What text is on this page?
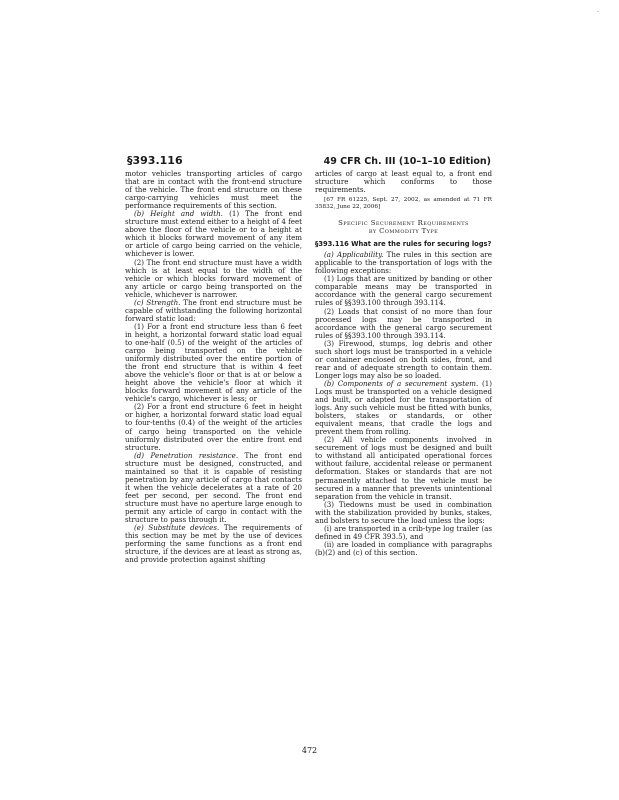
·
§393.116	49 CFR Ch. III (10–1–10 Edition)

motor vehicles transporting articles of cargo that are in contact with the front-end structure of the vehicle. The front end structure on these cargo-carrying vehicles must meet the performance requirements of this section.

(b) Height and width. (1) The front end structure must extend either to a height of 4 feet above the floor of the vehicle or to a height at which it blocks forward movement of any item or article of cargo being carried on the vehicle, whichever is lower.

(2) The front end structure must have a width which is at least equal to the width of the vehicle or which blocks forward movement of any article or cargo being transported on the vehicle, whichever is narrower.

(c) Strength. The front end structure must be capable of withstanding the following horizontal forward static load:

(1) For a front end structure less than 6 feet in height, a horizontal forward static load equal to one-half (0.5) of the weight of the articles of cargo being transported on the vehicle uniformly distributed over the entire portion of the front end structure that is within 4 feet above the vehicle's floor or that is at or below a height above the vehicle's floor at which it blocks forward movement of any article of the vehicle's cargo, whichever is less; or

(2) For a front end structure 6 feet in height or higher, a horizontal forward static load equal to four-tenths (0.4) of the weight of the articles of cargo being transported on the vehicle uniformly distributed over the entire front end structure.

(d) Penetration resistance. The front end structure must be designed, constructed, and maintained so that it is capable of resisting penetration by any article of cargo that contacts it when the vehicle decelerates at a rate of 20 feet per second, per second. The front end structure must have no aperture large enough to permit any article of cargo in contact with the structure to pass through it.

(e) Substitute devices. The requirements of this section may be met by the use of devices performing the same functions as a front end structure, if the devices are at least as strong as, and provide protection against shifting

articles of cargo at least equal to, a front end structure which conforms to those requirements.

[67 FR 61225, Sept. 27, 2002, as amended at 71 FR 35832, June 22, 2006]

Specific Securement Requirements
by Commodity Type

§393.116 What are the rules for securing logs?

(a) Applicability. The rules in this section are applicable to the transportation of logs with the following exceptions:

(1) Logs that are unitized by banding or other comparable means may be transported in accordance with the general cargo securement rules of §§393.100 through 393.114.

(2) Loads that consist of no more than four processed logs may be transported in accordance with the general cargo securement rules of §§393.100 through 393.114.

(3) Firewood, stumps, log debris and other such short logs must be transported in a vehicle or container enclosed on both sides, front, and rear and of adequate strength to contain them. Longer logs may also be so loaded.

(b) Components of a securement system. (1) Logs must be transported on a vehicle designed and built, or adapted for the transportation of logs. Any such vehicle must be fitted with bunks, bolsters, stakes or standards, or other equivalent means, that cradle the logs and prevent them from rolling.

(2) All vehicle components involved in securement of logs must be designed and built to withstand all anticipated operational forces without failure, accidental release or permanent deformation. Stakes or standards that are not permanently attached to the vehicle must be secured in a manner that prevents unintentional separation from the vehicle in transit.

(3) Tiedowns must be used in combination with the stabilization provided by bunks, stakes, and bolsters to secure the load unless the logs:

(i) are transported in a crib-type log trailer (as defined in 49 CFR 393.5), and

(ii) are loaded in compliance with paragraphs (b)(2) and (c) of this section.

472
